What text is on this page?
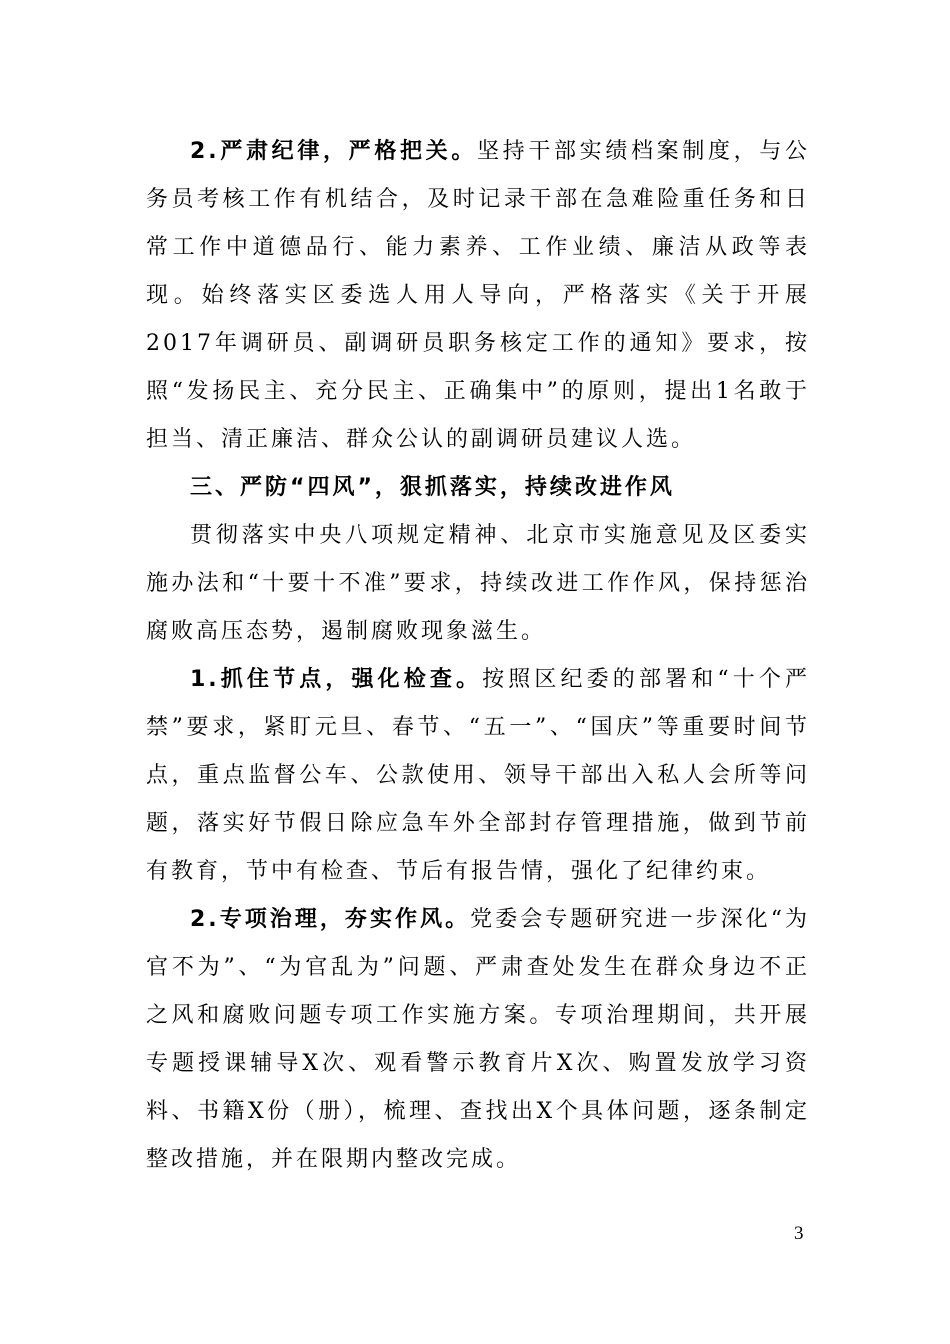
2.严肃纪律，严格把关。坚持干部实绩档案制度，与公务员考核工作有机结合，及时记录干部在急难险重任务和日常工作中道德品行、能力素养、工作业绩、廉洁从政等表现。始终落实区委选人用人导向，严格落实《关于开展2017年调研员、副调研员职务核定工作的通知》要求，按照“发扬民主、充分民主、正确集中”的原则，提出1名敢于担当、清正廉洁、群众公认的副调研员建议人选。

三、严防“四风”，狠抓落实，持续改进作风

贯彻落实中央八项规定精神、北京市实施意见及区委实施办法和“十要十不准”要求，持续改进工作作风，保持惩治腐败高压态势，遏制腐败现象滋生。

1.抓住节点，强化检查。按照区纪委的部署和“十个严禁”要求，紧盯元旦、春节、“五一”、“国庆”等重要时间节点，重点监督公车、公款使用、领导干部出入私人会所等问题，落实好节假日除应急车外全部封存管理措施，做到节前有教育，节中有检查、节后有报告情，强化了纪律约束。

2.专项治理，夯实作风。党委会专题研究进一步深化“为官不为”、“为官乱为”问题、严肃查处发生在群众身边不正之风和腐败问题专项工作实施方案。专项治理期间，共开展专题授课辅导X次、观看警示教育片X次、购置发放学习资料、书籍X份（册），梳理、查找出X个具体问题，逐条制定整改措施，并在限期内整改完成。

3
